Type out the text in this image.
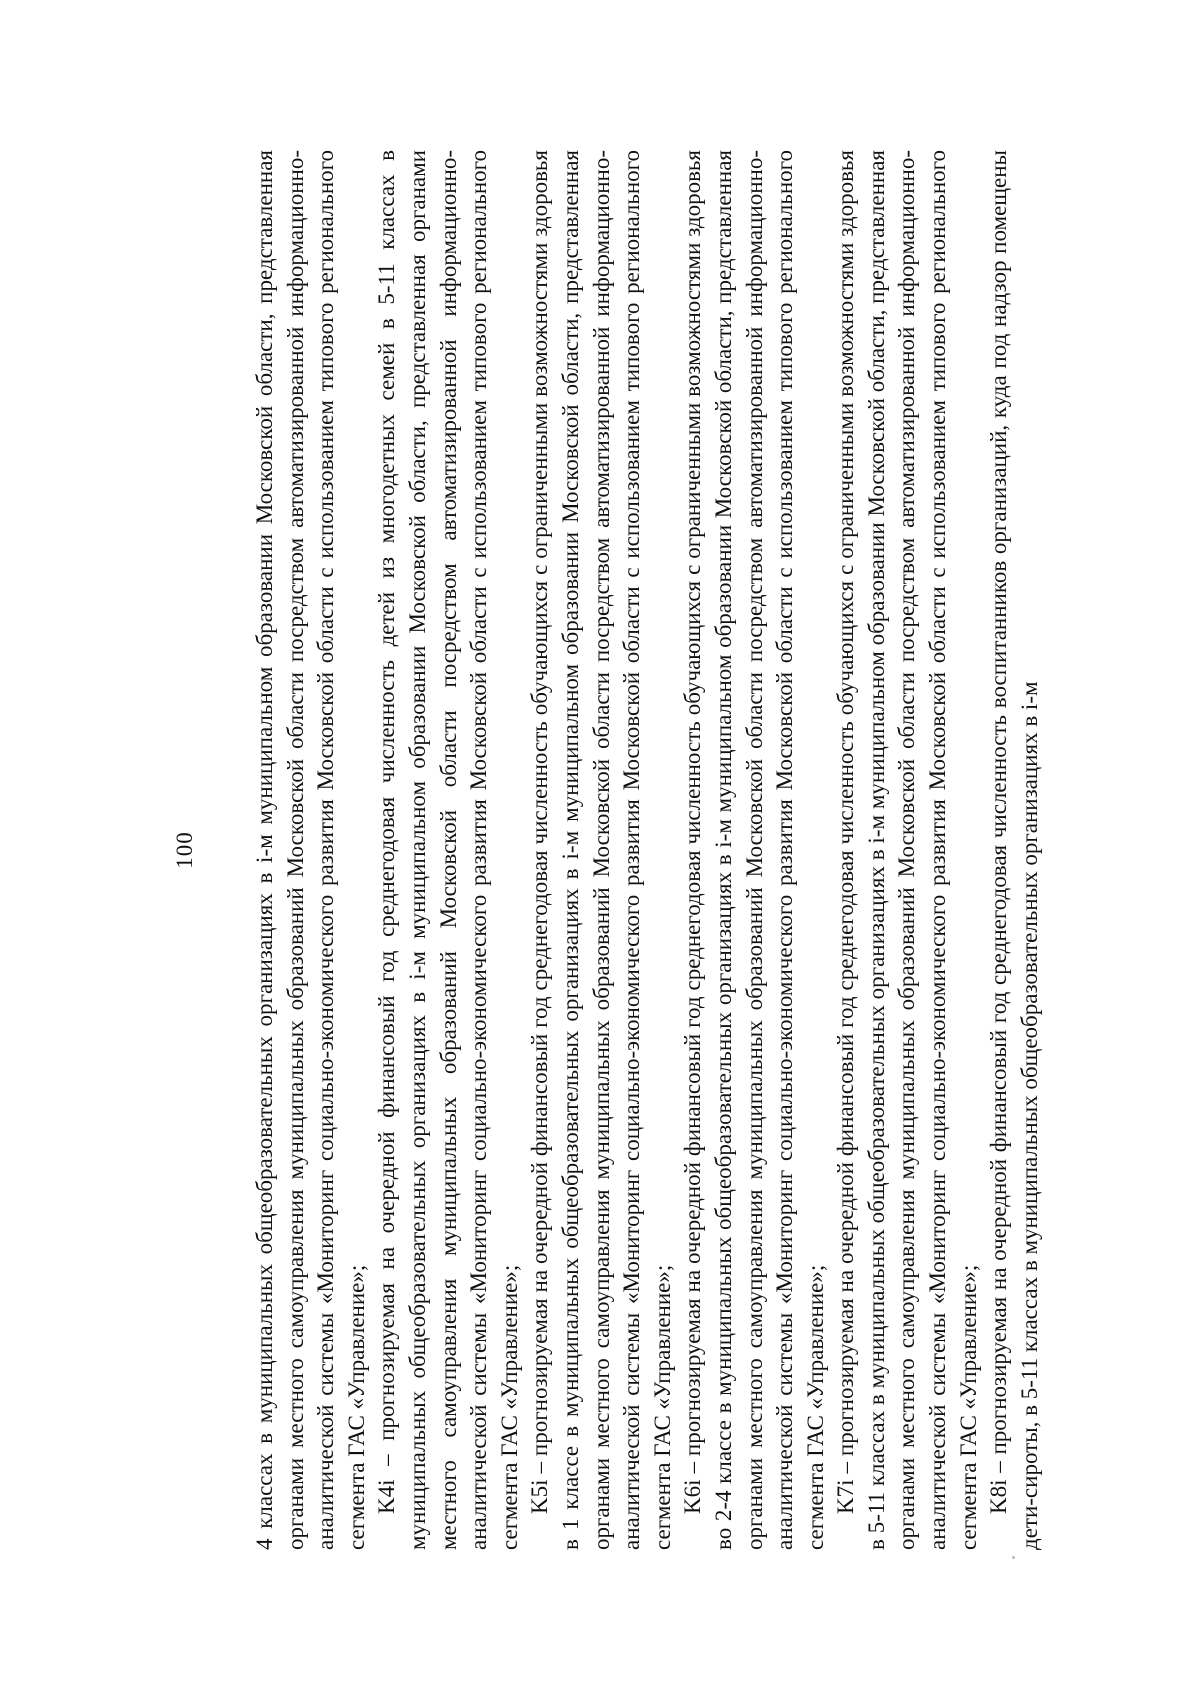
100 4 классах в муниципальных общеобразовательных организациях в i-м муниципальном образовании Московской области, представленная органами местного самоуправления муниципальных образований Московской области посредством автоматизированной информационно-аналитической системы «Мониторинг социально-экономического развития Московской области с использованием типового регионального сегмента ГАС «Управление»; K4i – прогнозируемая на очередной финансовый год среднегодовая численность детей из многодетных семей в 5-11 классах в муниципальных общеобразовательных организациях в i-м муниципальном образовании Московской области, представленная органами местного самоуправления муниципальных образований Московской области посредством автоматизированной информационно-аналитической системы «Мониторинг социально-экономического развития Московской области с использованием типового регионального сегмента ГАС «Управление»; K5i – прогнозируемая на очередной финансовый год среднегодовая численность обучающихся с ограниченными возможностями здоровья в 1 классе в муниципальных общеобразовательных организациях в i-м муниципальном образовании Московской области, представленная органами местного самоуправления муниципальных образований Московской области посредством автоматизированной информационно-аналитической системы «Мониторинг социально-экономического развития Московской области с использованием типового регионального сегмента ГАС «Управление»; K6i – прогнозируемая на очередной финансовый год среднегодовая численность обучающихся с ограниченными возможностями здоровья во 2-4 классе в муниципальных общеобразовательных организациях в i-м муниципальном образовании Московской области, представленная органами местного самоуправления муниципальных образований Московской области посредством автоматизированной информационно-аналитической системы «Мониторинг социально-экономического развития Московской области с использованием типового регионального сегмента ГАС «Управление»; K7i – прогнозируемая на очередной финансовый год среднегодовая численность обучающихся с ограниченными возможностями здоровья в 5-11 классах в муниципальных общеобразовательных организациях в i-м муниципальном образовании Московской области, представленная органами местного самоуправления муниципальных образований Московской области посредством автоматизированной информационно-аналитической системы «Мониторинг социально-экономического развития Московской области с использованием типового регионального сегмента ГАС «Управление»; K8i – прогнозируемая на очередной финансовый год среднегодовая численность воспитанников организаций, куда под надзор помещены дети-сироты, в 5-11 классах в муниципальных общеобразовательных организациях в i-м
